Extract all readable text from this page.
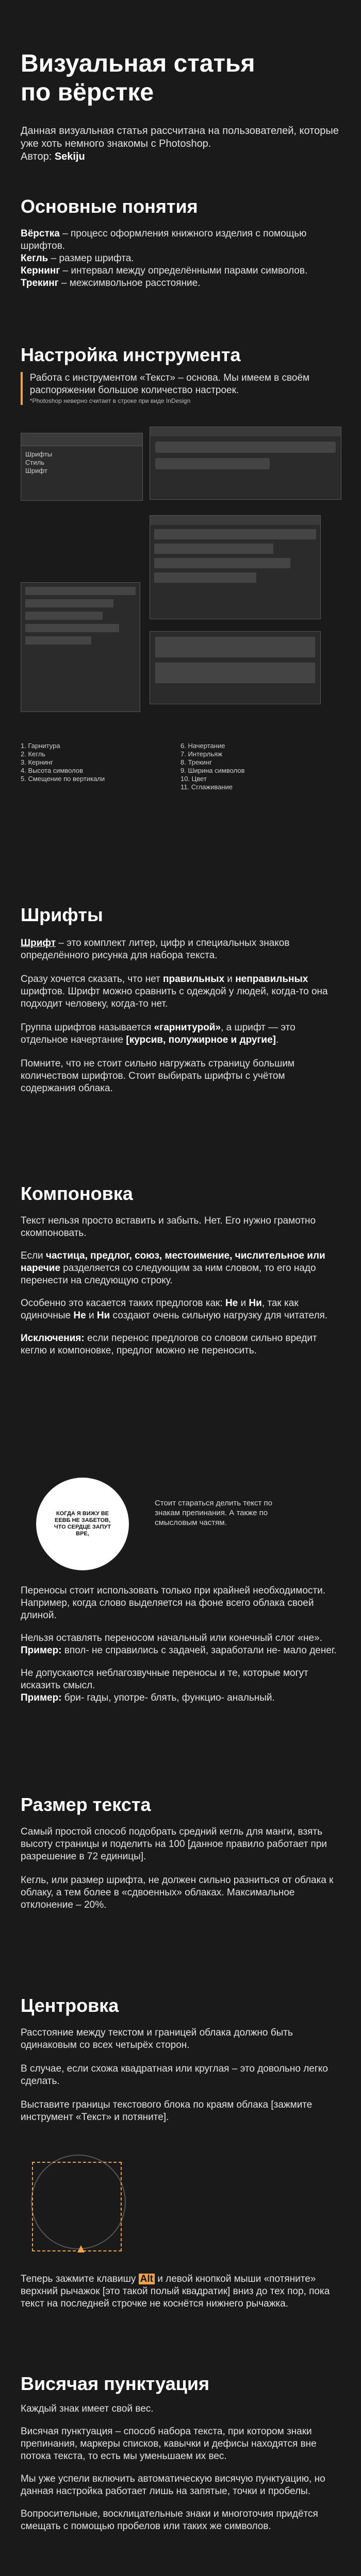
Визуальная статья
по вёрстке

Данная визуальная статья рассчитана на пользователей, которые уже хоть немного знакомы с Photoshop.
Автор: Sekiju

Основные понятия

Вёрстка – процесс оформления книжного изделия с помощью шрифтов.

Кегль – размер шрифта.

Кернинг – интервал между определёнными парами символов.

Трекинг – межсимвольное расстояние.

Настройка инструмента

Работа с инструментом «Текст» – основа. Мы имеем в своём распоряжении большое количество настроек.

*Photoshop неверно считает в строке при виде InDesign

Шрифты
Стиль
Шрифт
1. Гарнитура
2. Кегль
3. Кернинг
4. Высота символов
5. Смещение по вертикали
6. Начертание
7. Интерльяж
8. Трекинг
9. Ширина символов
10. Цвет
11. Сглаживание
Шрифты

Шрифт – это комплект литер, цифр и специальных знаков определённого рисунка для набора текста.

Сразу хочется сказать, что нет правильных и неправильных шрифтов. Шрифт можно сравнить с одеждой у людей, когда-то она подходит человеку, когда-то нет.

Группа шрифтов называется «гарнитурой», а шрифт — это отдельное начертание [курсив, полужирное и другие].

Помните, что не стоит сильно нагружать страницу большим количеством шрифтов. Стоит выбирать шрифты с учётом содержания облака.

Компоновка

Текст нельзя просто вставить и забыть. Нет. Его нужно грамотно скомпоновать.

Если частица, предлог, союз, местоимение, числительное или наречие разделяется со следующим за ним словом, то его надо перенести на следующую строку.

Особенно это касается таких предлогов как: Не и Ни, так как одиночные Не и Ни создают очень сильную нагрузку для читателя.

Исключения: если перенос предлогов со словом сильно вредит кеглю и компоновке, предлог можно не переносить.

КОГДА Я ВИЖУ ВЕ ЕЕВБ НЕ ЗАБЕТОВ, ЧТО СЕРДЦЕ ЗАПУТ ВРЕ,
Стоит стараться делить текст по знакам препинания. А также по смысловым частям.

Переносы стоит использовать только при крайней необходимости. Например, когда слово выделяется на фоне всего облака своей длиной.

Нельзя оставлять переносом начальный или конечный слог «не».
Пример: впол- не справились с задачей, заработали не- мало денег.

Не допускаются неблагозвучные переносы и те, которые могут исказить смысл.
Пример: бри- гады, употре- блять, функцио- анальный.

Размер текста

Самый простой способ подобрать средний кегль для манги, взять высоту страницы и поделить на 100 [данное правило работает при разрешение в 72 единицы].

Кегль, или размер шрифта, не должен сильно разниться от облака к облаку, а тем более в «сдвоенных» облаках. Максимальное отклонение – 20%.

Центровка

Расстояние между текстом и границей облака должно быть одинаковым со всех четырёх сторон.

В случае, если схожа квадратная или круглая – это довольно легко сделать.

Выставите границы текстового блока по краям облака [зажмите инструмент «Текст» и потяните].

Теперь зажмите клавишу Alt и левой кнопкой мыши «потяните» верхний рычажок [это такой полый квадратик] вниз до тех пор, пока текст на последней строчке не коснётся нижнего рычажка.

Висячая пунктуация

Каждый знак имеет свой вес.

Висячая пунктуация – способ набора текста, при котором знаки препинания, маркеры списков, кавычки и дефисы находятся вне потока текста, то есть мы уменьшаем их вес.

Мы уже успели включить автоматическую висячую пунктуацию, но данная настройка работает лишь на запятые, точки и пробелы.

Вопросительные, восклицательные знаки и многоточия придётся смещать с помощью пробелов или таких же символов.
